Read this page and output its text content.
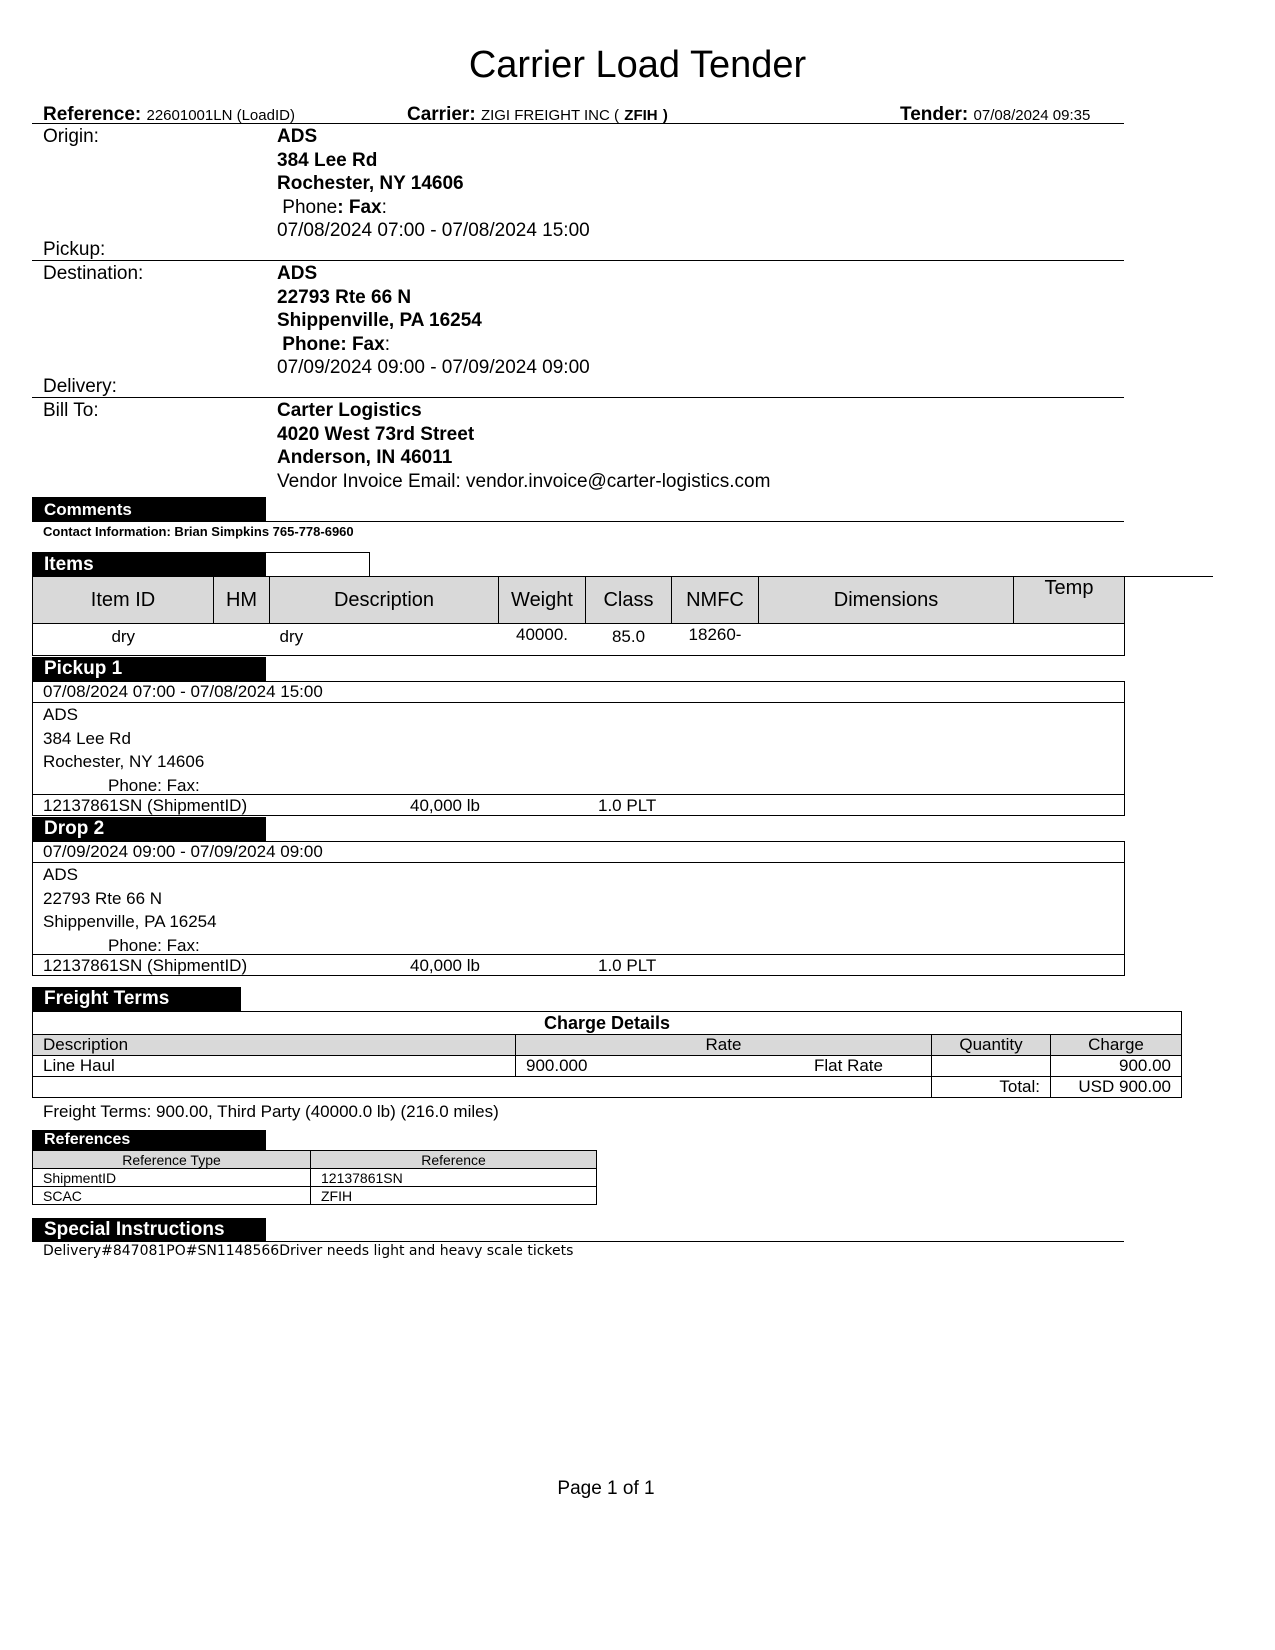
Carrier Load Tender
Reference: 22601001LN (LoadID)	Carrier: ZIGI FREIGHT INC ( ZFIH )	Tender: 07/08/2024 09:35
Origin:	ADS
384 Lee Rd
Rochester, NY 14606
Phone: Fax:
07/08/2024 07:00 - 07/08/2024 15:00
Pickup:
Destination:	ADS
22793 Rte 66 N
Shippenville, PA 16254
Phone: Fax:
07/09/2024 09:00 - 07/09/2024 09:00
Delivery:
Bill To:	Carter Logistics
4020 West 73rd Street
Anderson, IN 46011
Vendor Invoice Email: vendor.invoice@carter-logistics.com
Comments
Contact Information: Brian Simpkins 765-778-6960
Items
Item ID	HM	Description	Weight	Class	NMFC	Dimensions	Temp
dry		dry	40000.	85.0	18260-		
Pickup 1
07/08/2024 07:00 - 07/08/2024 15:00
ADS
384 Lee Rd
Rochester, NY 14606
Phone: Fax:
12137861SN (ShipmentID)	40,000 lb	1.0 PLT
Drop 2
07/09/2024 09:00 - 07/09/2024 09:00
ADS
22793 Rte 66 N
Shippenville, PA 16254
Phone: Fax:
12137861SN (ShipmentID)	40,000 lb	1.0 PLT
Freight Terms
Charge Details				
Description	Rate		Quantity	Charge
Line Haul	900.000	Flat Rate		900.00
			Total:	USD 900.00
Freight Terms: 900.00, Third Party (40000.0 lb) (216.0 miles)
References
Reference Type	Reference
ShipmentID	12137861SN
SCAC	ZFIH
Special Instructions
Delivery#847081PO#SN1148566Driver needs light and heavy scale tickets
Page 1 of 1
